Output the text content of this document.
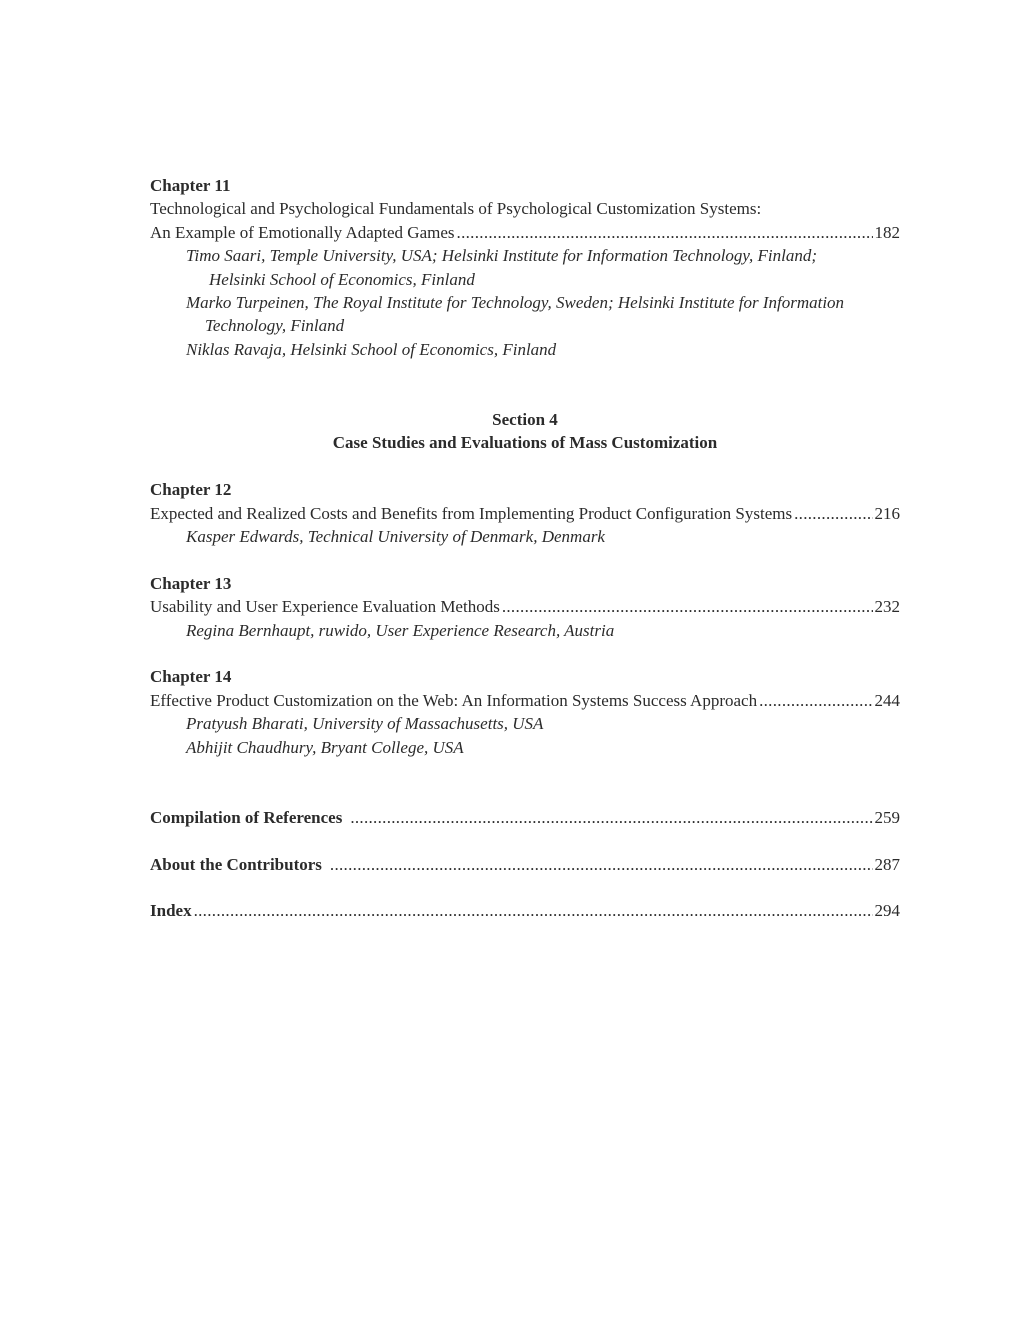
Chapter 11
Technological and Psychological Fundamentals of Psychological Customization Systems:
An Example of Emotionally Adapted Games .....	182
Timo Saari, Temple University, USA; Helsinki Institute for Information Technology, Finland;
Helsinki School of Economics, Finland
Marko Turpeinen, The Royal Institute for Technology, Sweden; Helsinki Institute for Information
Technology, Finland
Niklas Ravaja, Helsinki School of Economics, Finland
Section 4
Case Studies and Evaluations of Mass Customization
Chapter 12
Expected and Realized Costs and Benefits from Implementing Product Configuration Systems .....	216
Kasper Edwards, Technical University of Denmark, Denmark
Chapter 13
Usability and User Experience Evaluation Methods .....	232
Regina Bernhaupt, ruwido, User Experience Research, Austria
Chapter 14
Effective Product Customization on the Web: An Information Systems Success Approach .....	244
Pratyush Bharati, University of Massachusetts, USA
Abhijit Chaudhury, Bryant College, USA
Compilation of References .....	259
About the Contributors .....	287
Index .....	294
